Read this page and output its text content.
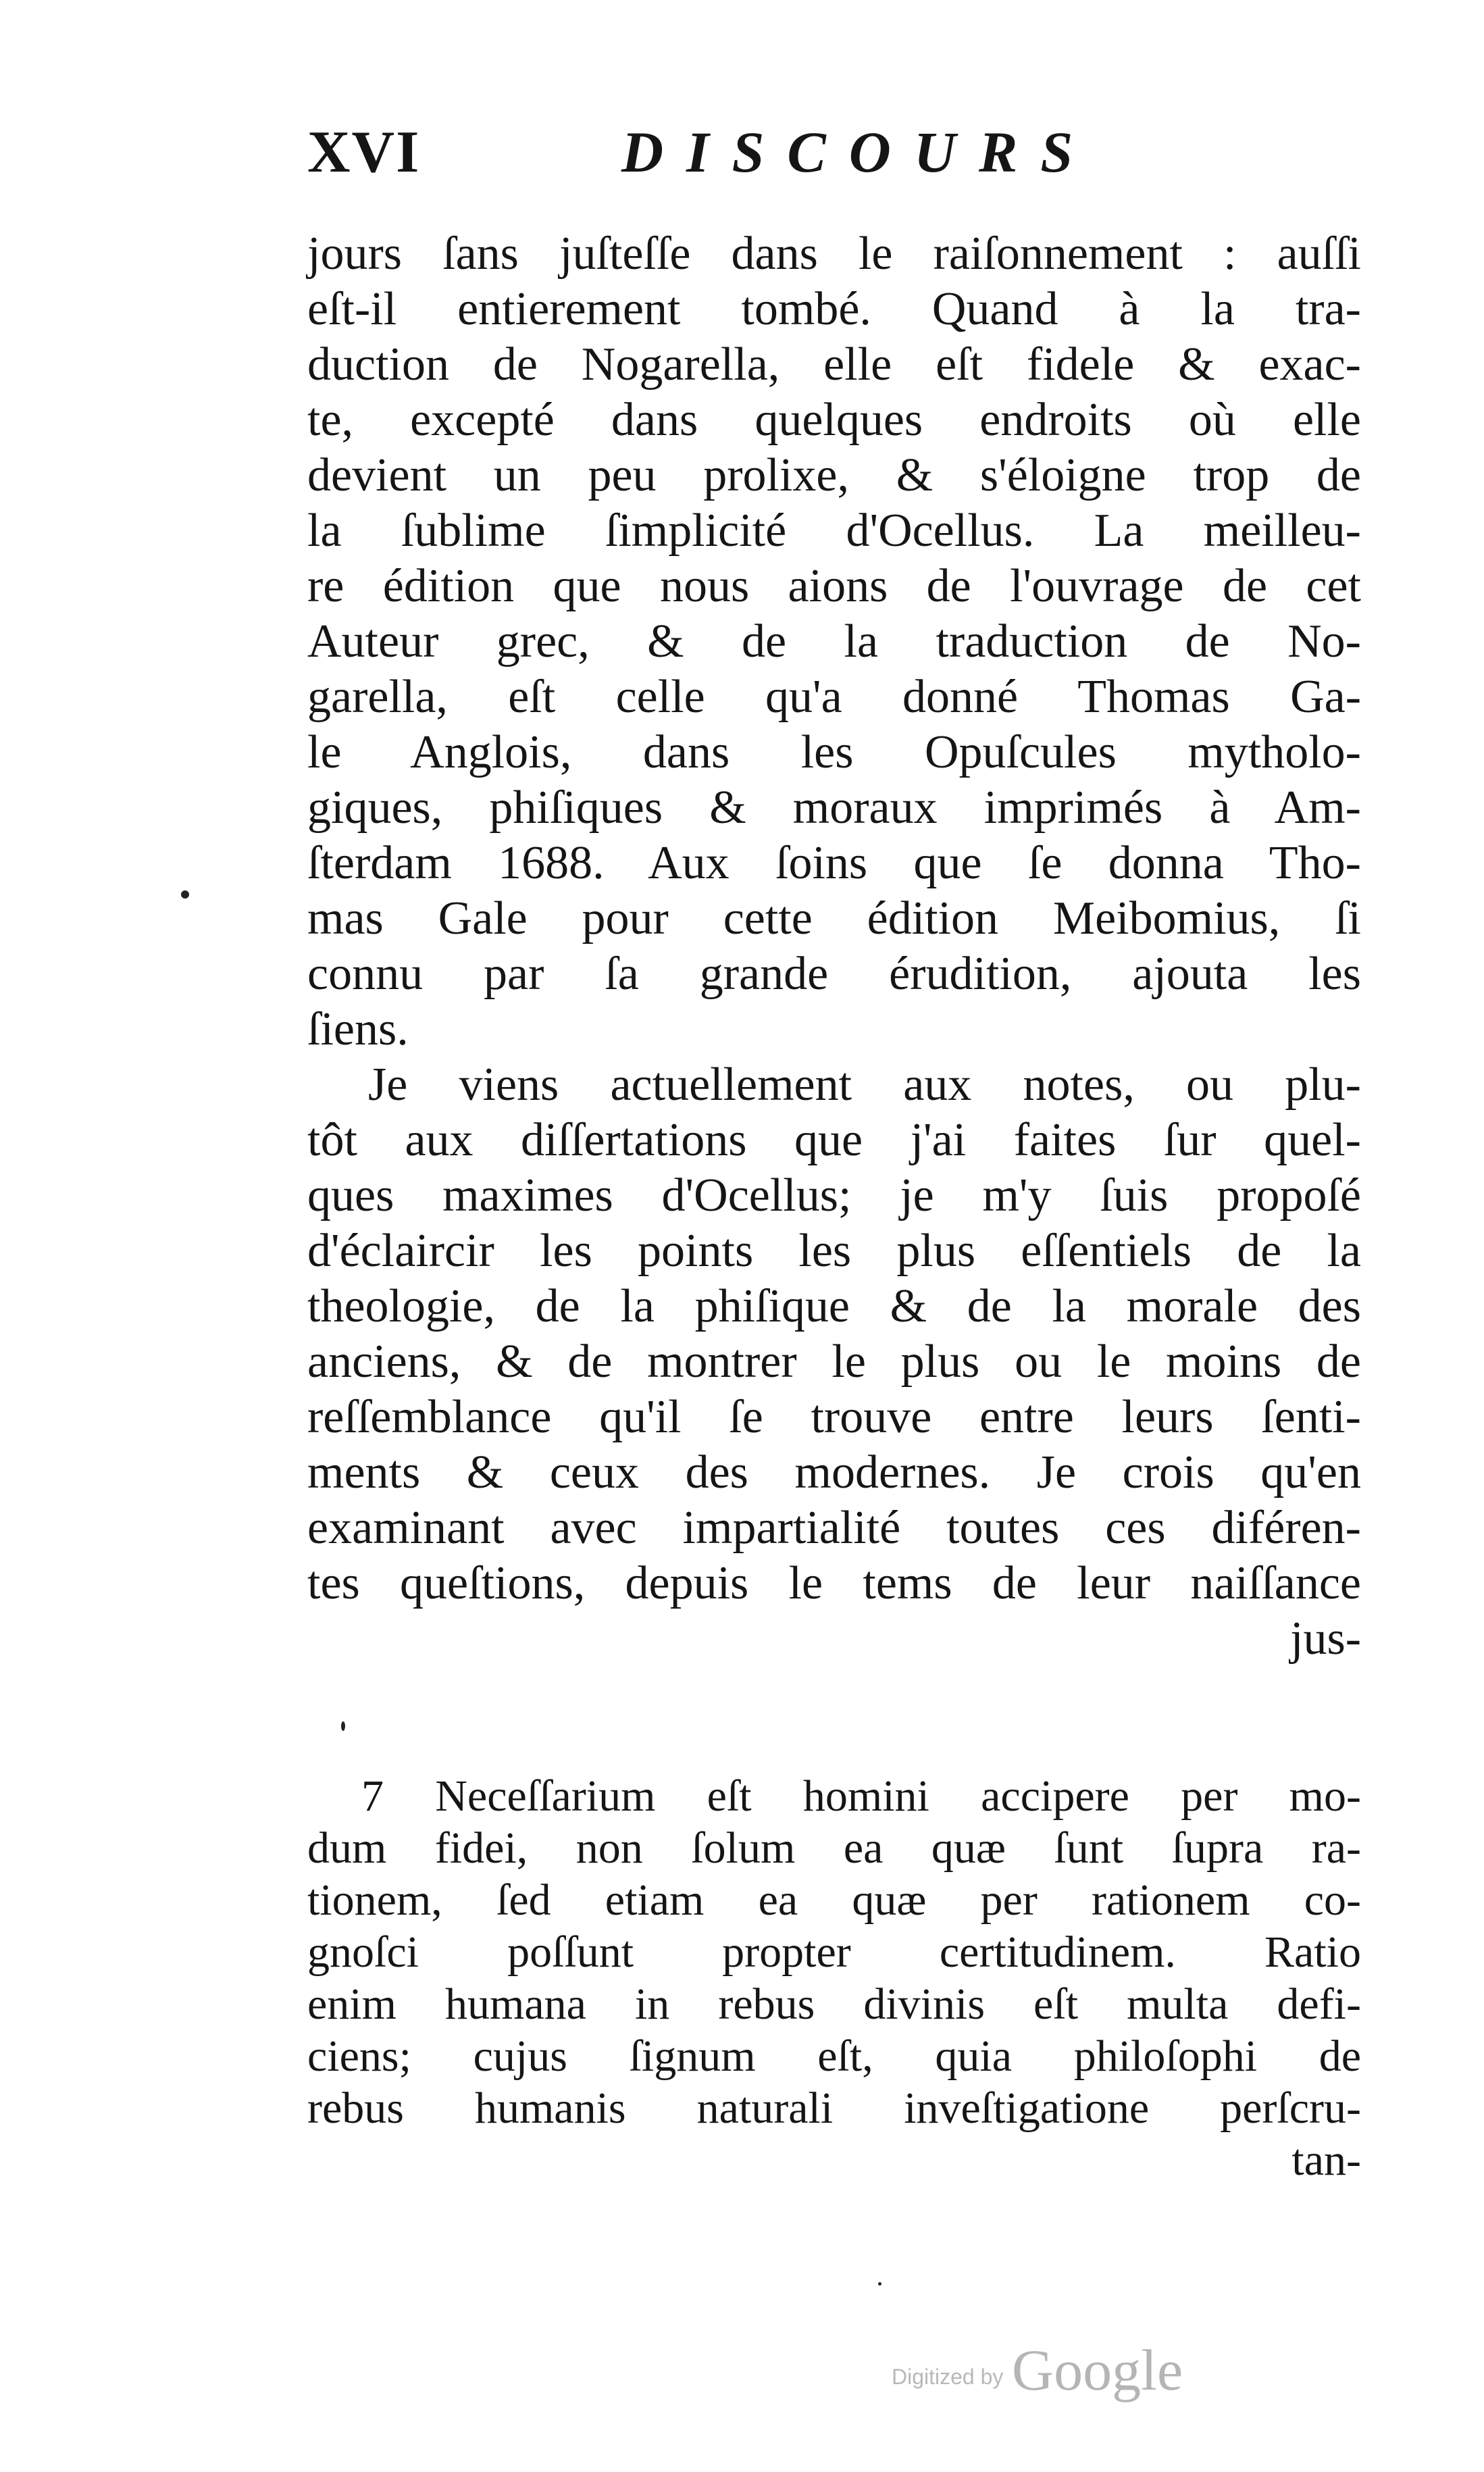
XVI	DISCOURS
jours ſans juſteſſe dans le raiſonnement : auſſi
eſt-il entierement tombé. Quand à la tra-
duction de Nogarella, elle eſt fidele & exac-
te, excepté dans quelques endroits où elle
devient un peu prolixe, & s'éloigne trop de
la ſublime ſimplicité d'Ocellus. La meilleu-
re édition que nous aions de l'ouvrage de cet
Auteur grec, & de la traduction de No-
garella, eſt celle qu'a donné Thomas Ga-
le Anglois, dans les Opuſcules mytholo-
giques, phiſiques & moraux imprimés à Am-
ſterdam 1688. Aux ſoins que ſe donna Tho-
mas Gale pour cette édition Meibomius, ſi
connu par ſa grande érudition, ajouta les
ſiens.
Je viens actuellement aux notes, ou plu-
tôt aux diſſertations que j'ai faites ſur quel-
ques maximes d'Ocellus; je m'y ſuis propoſé
d'éclaircir les points les plus eſſentiels de la
theologie, de la phiſique & de la morale des
anciens, & de montrer le plus ou le moins de
reſſemblance qu'il ſe trouve entre leurs ſenti-
ments & ceux des modernes. Je crois qu'en
examinant avec impartialité toutes ces diféren-
tes queſtions, depuis le tems de leur naiſſance
jus-
7 Neceſſarium eſt homini accipere per mo-
dum fidei, non ſolum ea quæ ſunt ſupra ra-
tionem, ſed etiam ea quæ per rationem co-
gnoſci poſſunt propter certitudinem. Ratio
enim humana in rebus divinis eſt multa defi-
ciens; cujus ſignum eſt, quia philoſophi de
rebus humanis naturali inveſtigatione perſcru-
tan-
Digitized by Google
